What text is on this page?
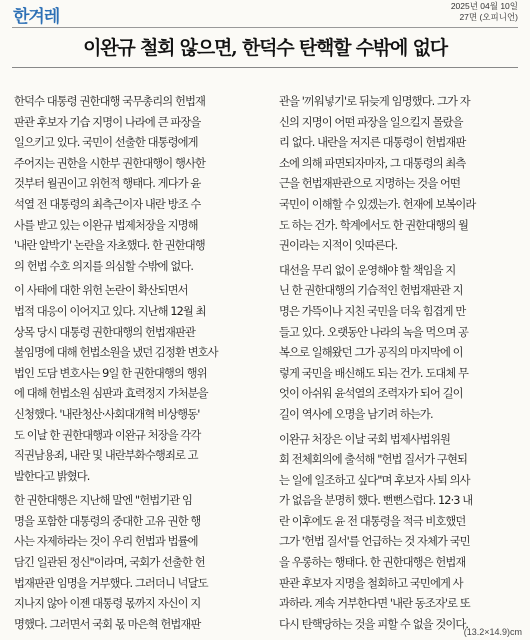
한겨레
2025년 04월 10일
27면 (오피니언)
이완규 철회 않으면, 한덕수 탄핵할 수밖에 없다
한덕수 대통령 권한대행 국무총리의 헌법재
판관 후보자 기습 지명이 나라에 큰 파장을
일으키고 있다. 국민이 선출한 대통령에게
주어지는 권한을 시한부 권한대행이 행사한
것부터 월권이고 위헌적 행태다. 게다가 윤
석열 전 대통령의 최측근이자 내란 방조 수
사를 받고 있는 이완규 법제처장을 지명해
'내란 알박기' 논란을 자초했다. 한 권한대행
의 헌법 수호 의지를 의심할 수밖에 없다.
이 사태에 대한 위헌 논란이 확산되면서
법적 대응이 이어지고 있다. 지난해 12월 최
상목 당시 대통령 권한대행의 헌법재판관
불임명에 대해 헌법소원을 냈던 김정환 변호사
법인 도담 변호사는 9일 한 권한대행의 행위
에 대해 헌법소원 심판과 효력정지 가처분을
신청했다. '내란청산·사회대개혁 비상행동'
도 이날 한 권한대행과 이완규 처장을 각각
직권남용죄, 내란 및 내란부화수행죄로 고
발한다고 밝혔다.
한 권한대행은 지난해 말엔 "헌법기관 임
명을 포함한 대통령의 중대한 고유 권한 행
사는 자제하라는 것이 우리 헌법과 법률에
담긴 일관된 정신"이라며, 국회가 선출한 헌
법재판관 임명을 거부했다. 그러더니 넉달도
지나지 않아 이젠 대통령 몫까지 자신이 지
명했다. 그러면서 국회 몫 마은혁 헌법재판
관을 '끼워넣기'로 뒤늦게 임명했다. 그가 자
신의 지명이 어떤 파장을 일으킬지 몰랐을
리 없다. 내란을 저지른 대통령이 헌법재판
소에 의해 파면되자마자, 그 대통령의 최측
근을 헌법재판관으로 지명하는 것을 어떤
국민이 이해할 수 있겠는가. 헌재에 보복이라
도 하는 건가. 학계에서도 한 권한대행의 월
권이라는 지적이 잇따른다.
대선을 무리 없이 운영해야 할 책임을 지
닌 한 권한대행의 기습적인 헌법재판관 지
명은 가뜩이나 지친 국민을 더욱 힘겹게 만
들고 있다. 오랫동안 나라의 녹을 먹으며 공
복으로 일해왔던 그가 공직의 마지막에 이
렇게 국민을 배신해도 되는 건가. 도대체 무
엇이 아쉬워 윤석열의 조력자가 되어 길이
길이 역사에 오명을 남기려 하는가.
이완규 처장은 이날 국회 법제사법위원
회 전체회의에 출석해 "헌법 질서가 구현되
는 일에 일조하고 싶다"며 후보자 사퇴 의사
가 없음을 분명히 했다. 뻔뻔스럽다. 12·3 내
란 이후에도 윤 전 대통령을 적극 비호했던
그가 '헌법 질서'를 언급하는 것 자체가 국민
을 우롱하는 행태다. 한 권한대행은 헌법재
판관 후보자 지명을 철회하고 국민에게 사
과하라. 계속 거부한다면 '내란 동조자'로 또
다시 탄핵당하는 것을 피할 수 없을 것이다.
(13.2×14.9)cm
